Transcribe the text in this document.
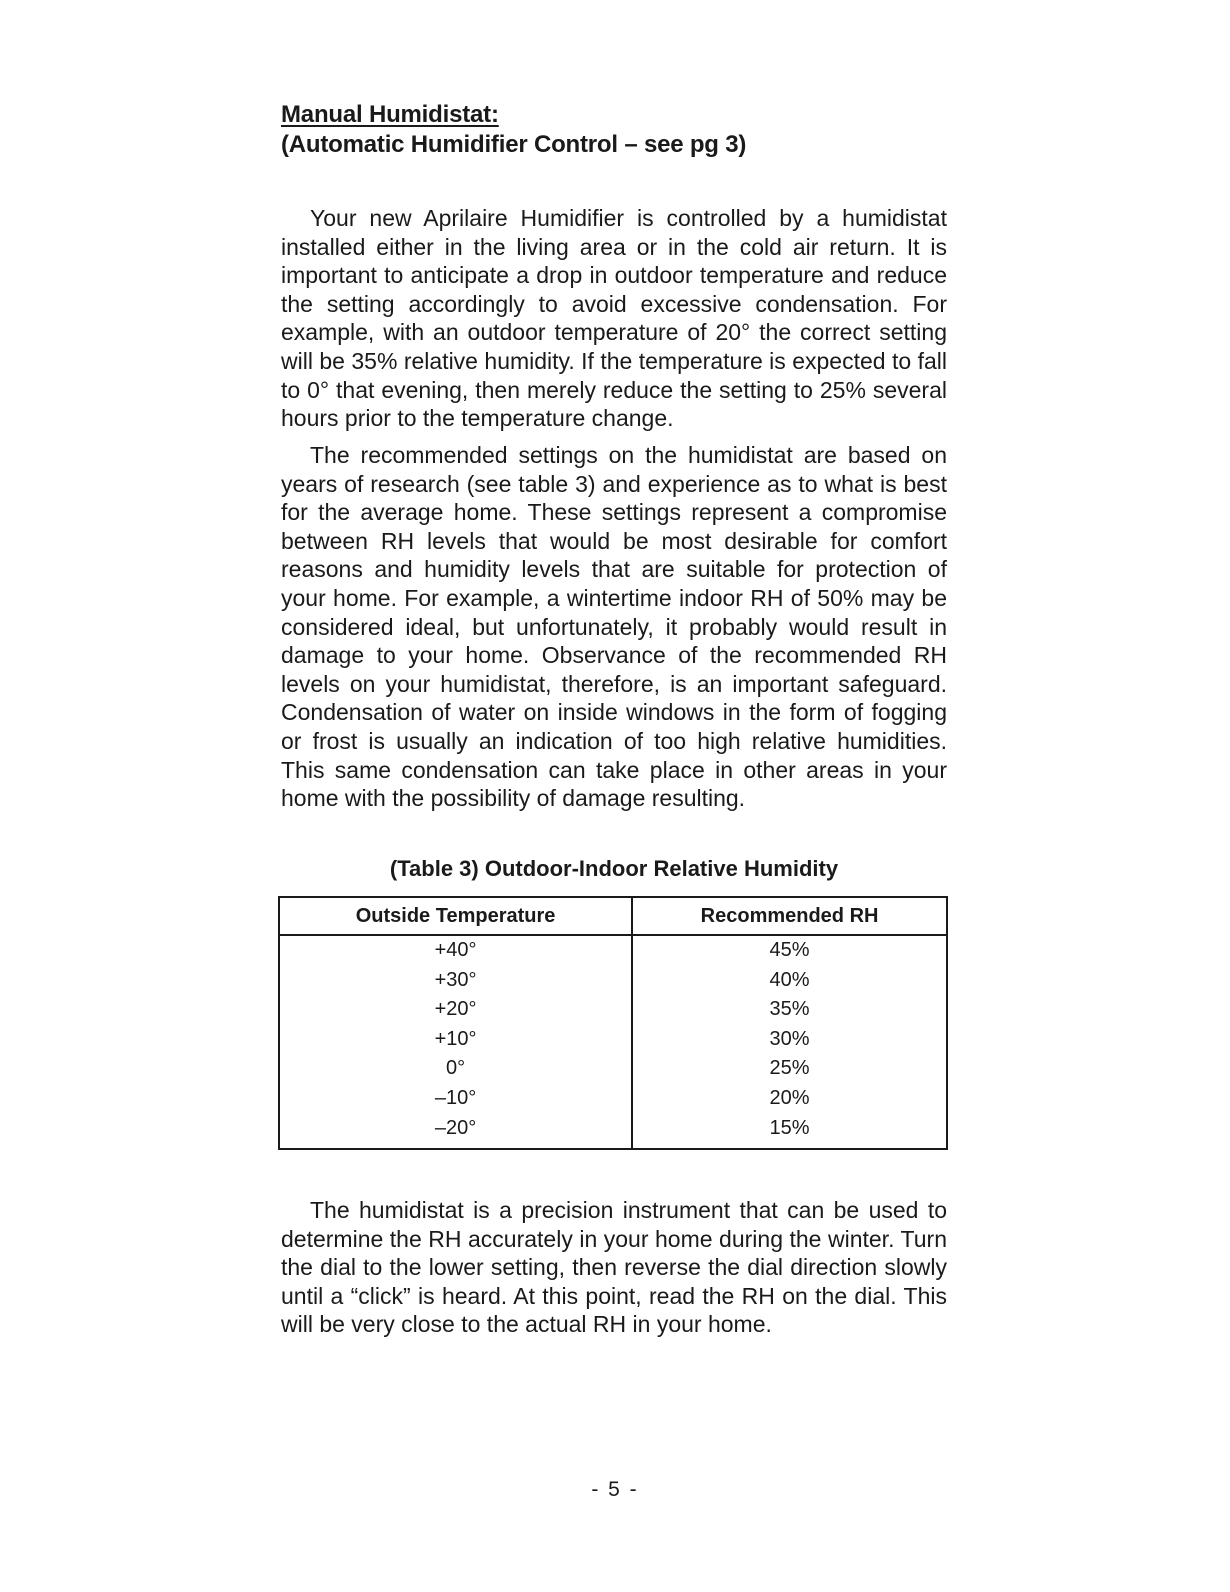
Manual Humidistat:
(Automatic Humidifier Control – see pg 3)

Your new Aprilaire Humidifier is controlled by a humidistat installed either in the living area or in the cold air return. It is important to anticipate a drop in outdoor temperature and reduce the setting accordingly to avoid excessive condensation. For example, with an outdoor temperature of 20° the correct setting will be 35% relative humidity. If the temperature is expected to fall to 0° that evening, then merely reduce the setting to 25% several hours prior to the temperature change.

The recommended settings on the humidistat are based on years of research (see table 3) and experience as to what is best for the average home. These settings represent a compromise between RH levels that would be most desirable for comfort reasons and humidity levels that are suitable for protection of your home. For example, a wintertime indoor RH of 50% may be considered ideal, but unfortunately, it probably would result in damage to your home. Observance of the recommended RH levels on your humidistat, therefore, is an important safeguard. Condensation of water on inside windows in the form of fogging or frost is usually an indication of too high relative humidities. This same condensation can take place in other areas in your home with the possibility of damage resulting.

(Table 3) Outdoor-Indoor Relative Humidity
Outside Temperature	Recommended RH
+40°	45%
+30°	40%
+20°	35%
+10°	30%
0°	25%
–10°	20%
–20°	15%

The humidistat is a precision instrument that can be used to determine the RH accurately in your home during the winter. Turn the dial to the lower setting, then reverse the dial direction slowly until a “click” is heard. At this point, read the RH on the dial. This will be very close to the actual RH in your home.

- 5 -
